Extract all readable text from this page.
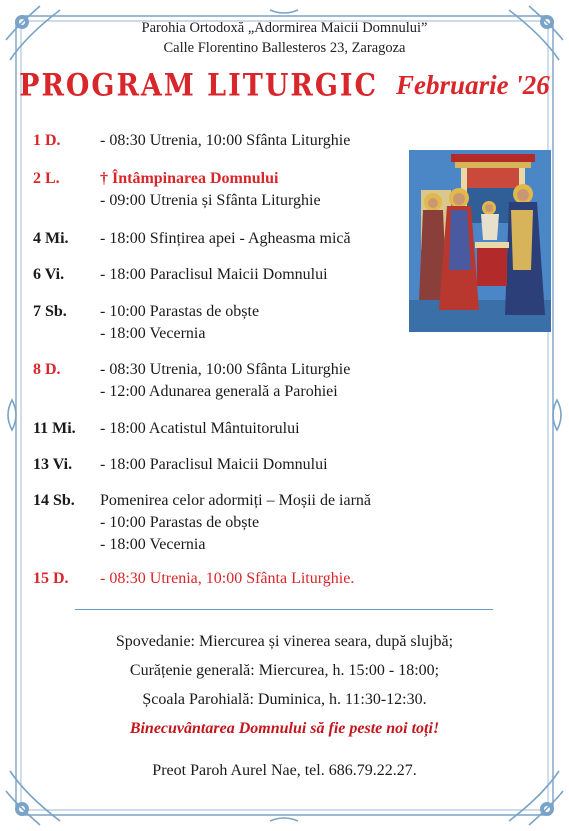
Parohia Ortodoxă „Adormirea Maicii Domnului”
Calle Florentino Ballesteros 23, Zaragoza
PROGRAM LITURGIC Februarie '26
1 D.	- 08:30 Utrenia, 10:00 Sfânta Liturghie
2 L.	† Întâmpinarea Domnului
- 09:00 Utrenia și Sfânta Liturghie
4 Mi.	- 18:00 Sfințirea apei - Agheasma mică
6 Vi.	- 18:00 Paraclisul Maicii Domnului
7 Sb.	- 10:00 Parastas de obște
- 18:00 Vecernia
8 D.	- 08:30 Utrenia, 10:00 Sfânta Liturghie
- 12:00 Adunarea generală a Parohiei
11 Mi.	- 18:00 Acatistul Mântuitorului
13 Vi.	- 18:00 Paraclisul Maicii Domnului
14 Sb.	Pomenirea celor adormiți – Moșii de iarnă
- 10:00 Parastas de obște
- 18:00 Vecernia
15 D.	- 08:30 Utrenia, 10:00 Sfânta Liturghie.
Spovedanie: Miercurea și vinerea seara, după slujbă;
Curățenie generală: Miercurea, h. 15:00 - 18:00;
Școala Parohială: Duminica, h. 11:30-12:30.
Binecuvântarea Domnului să fie peste noi toți!
Preot Paroh Aurel Nae, tel. 686.79.22.27.
